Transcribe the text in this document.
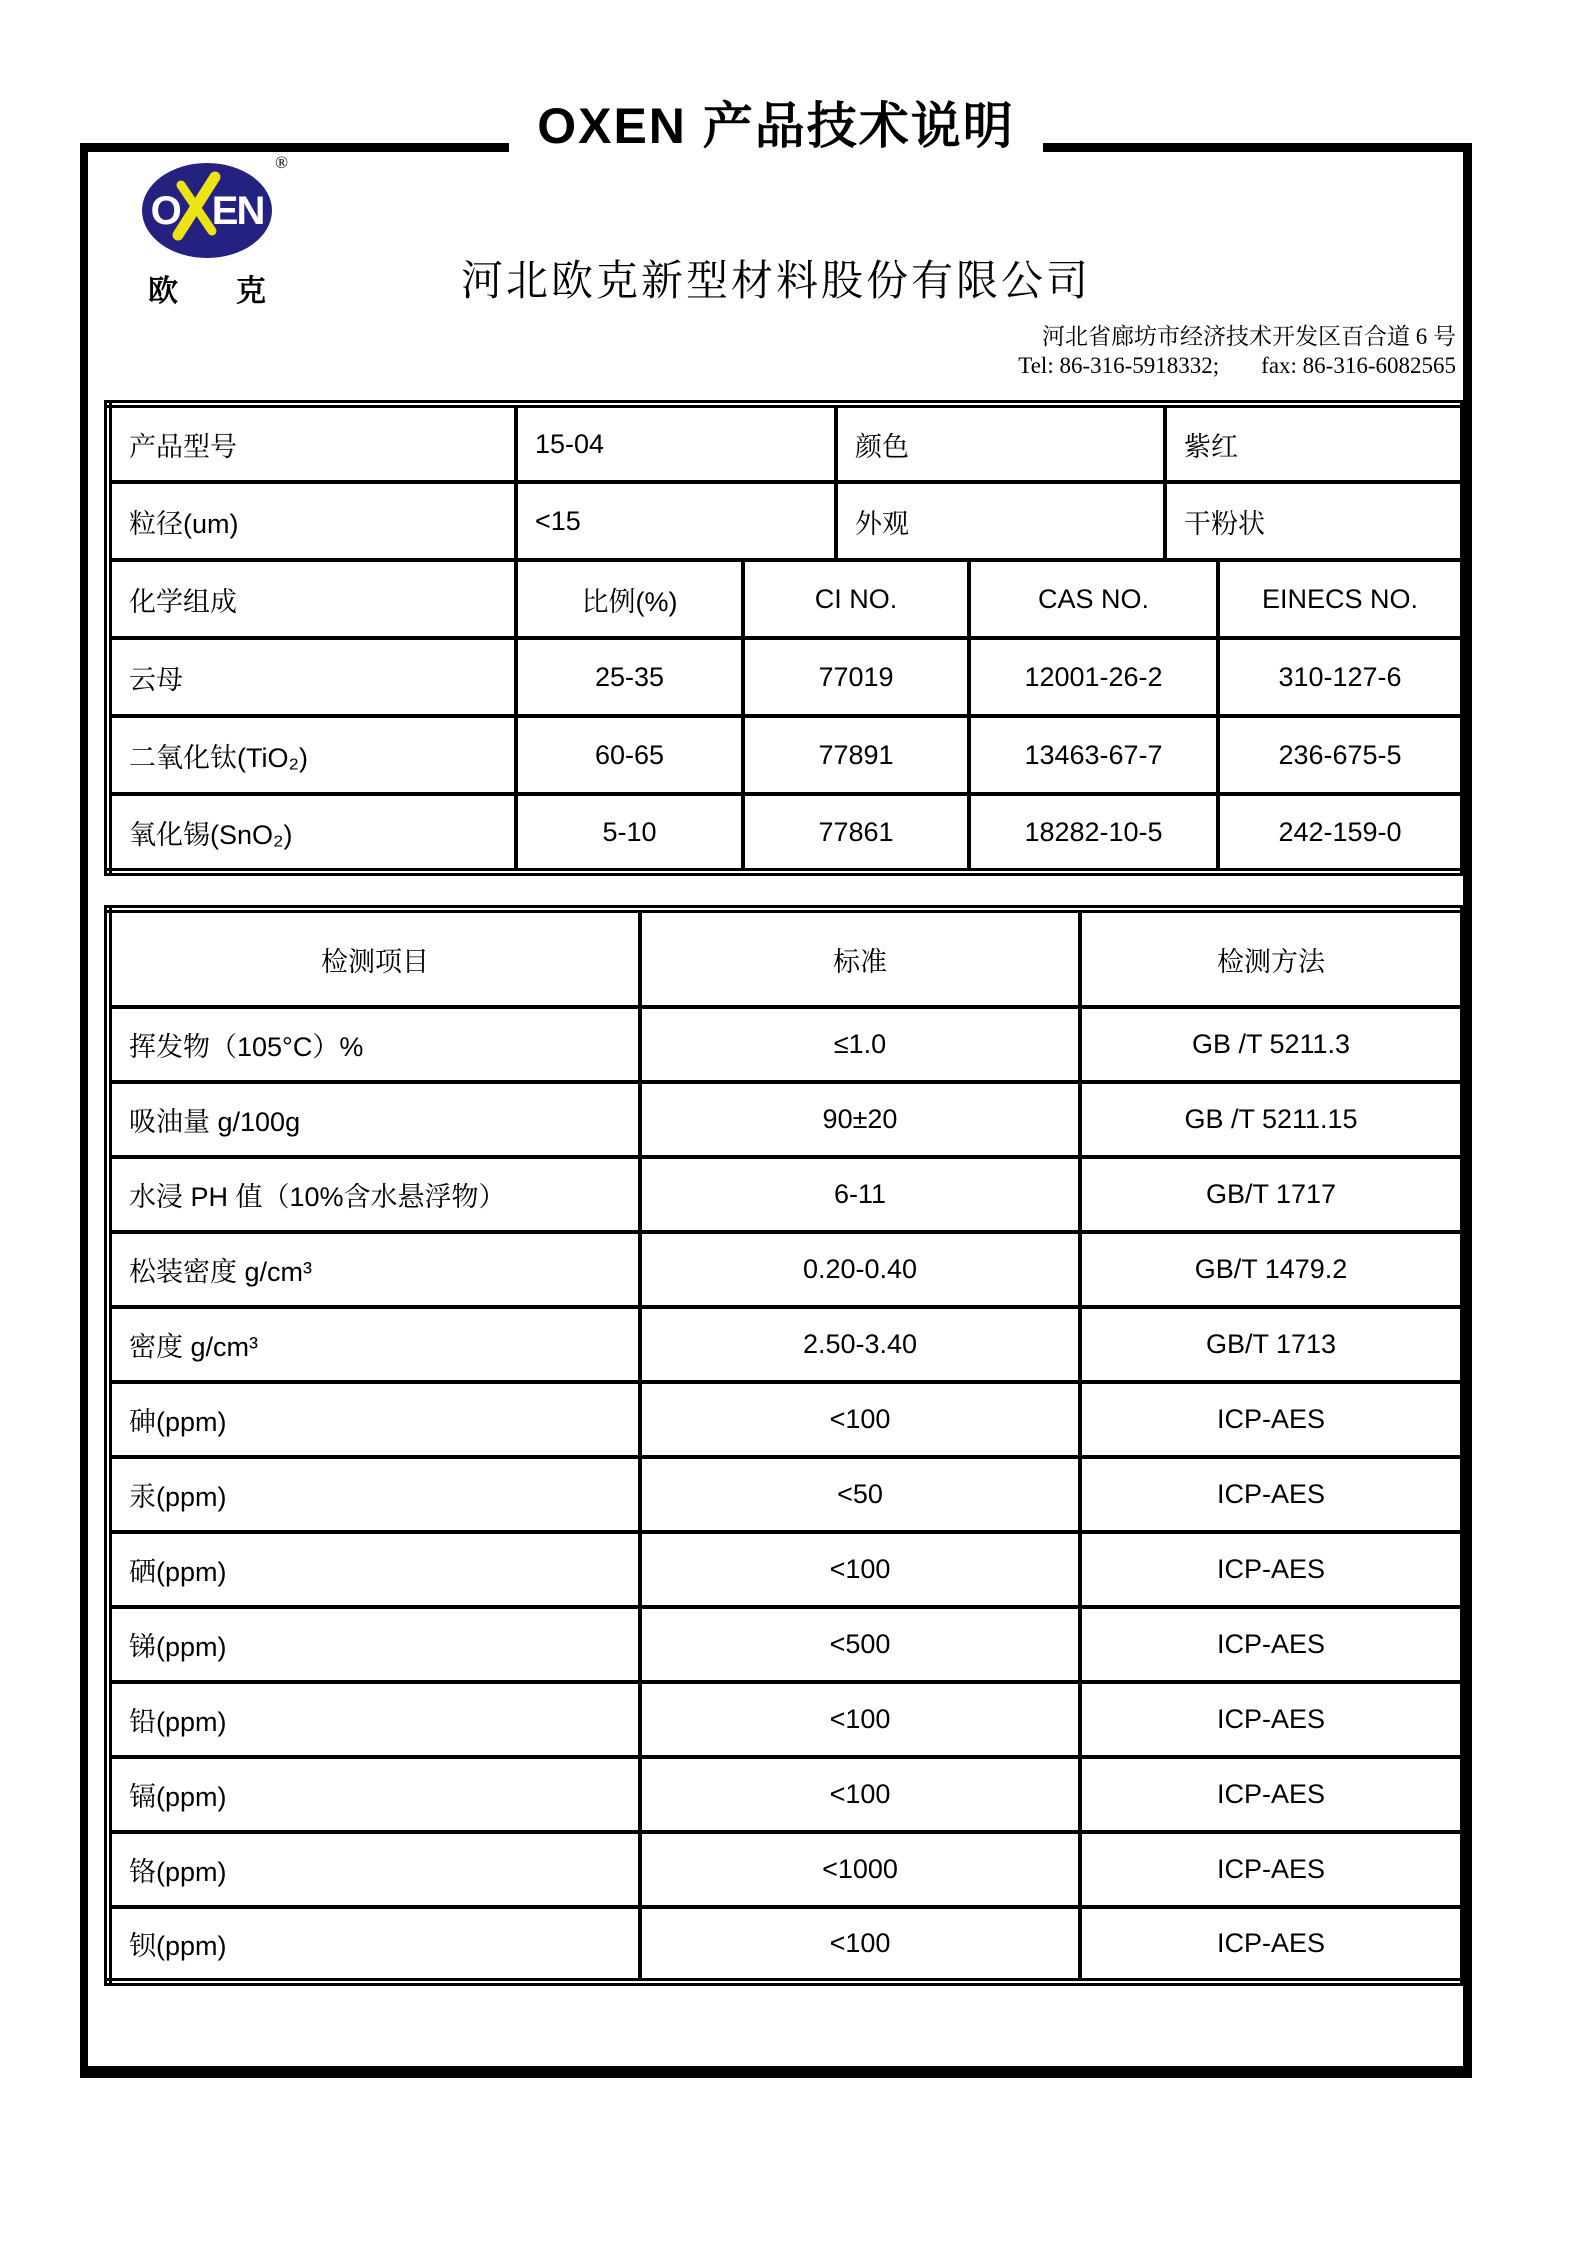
OXEN 产品技术说明
®
O EN
欧 克	河北欧克新型材料股份有限公司
河北省廊坊市经济技术开发区百合道 6 号
Tel: 86-316-5918332; fax: 86-316-6082565
产品型号	15-04		颜色		紫红	
粒径(um)	<15		外观		干粉状	
化学组成	比例(%)	CI NO.		CAS NO.		EINECS NO.
云母	25-35	77019		12001-26-2		310-127-6
二氧化钛(TiO₂)	60-65	77891		13463-67-7		236-675-5
氧化锡(SnO₂)	5-10	77861		18282-10-5		242-159-0
检测项目	标准	检测方法
挥发物（105°C）%	≤1.0	GB /T 5211.3
吸油量 g/100g	90±20	GB /T 5211.15
水浸 PH 值（10%含水悬浮物）	6-11	GB/T 1717
松装密度 g/cm³	0.20-0.40	GB/T 1479.2
密度 g/cm³	2.50-3.40	GB/T 1713
砷(ppm)	<100	ICP-AES
汞(ppm)	<50	ICP-AES
硒(ppm)	<100	ICP-AES
锑(ppm)	<500	ICP-AES
铅(ppm)	<100	ICP-AES
镉(ppm)	<100	ICP-AES
铬(ppm)	<1000	ICP-AES
钡(ppm)	<100	ICP-AES
